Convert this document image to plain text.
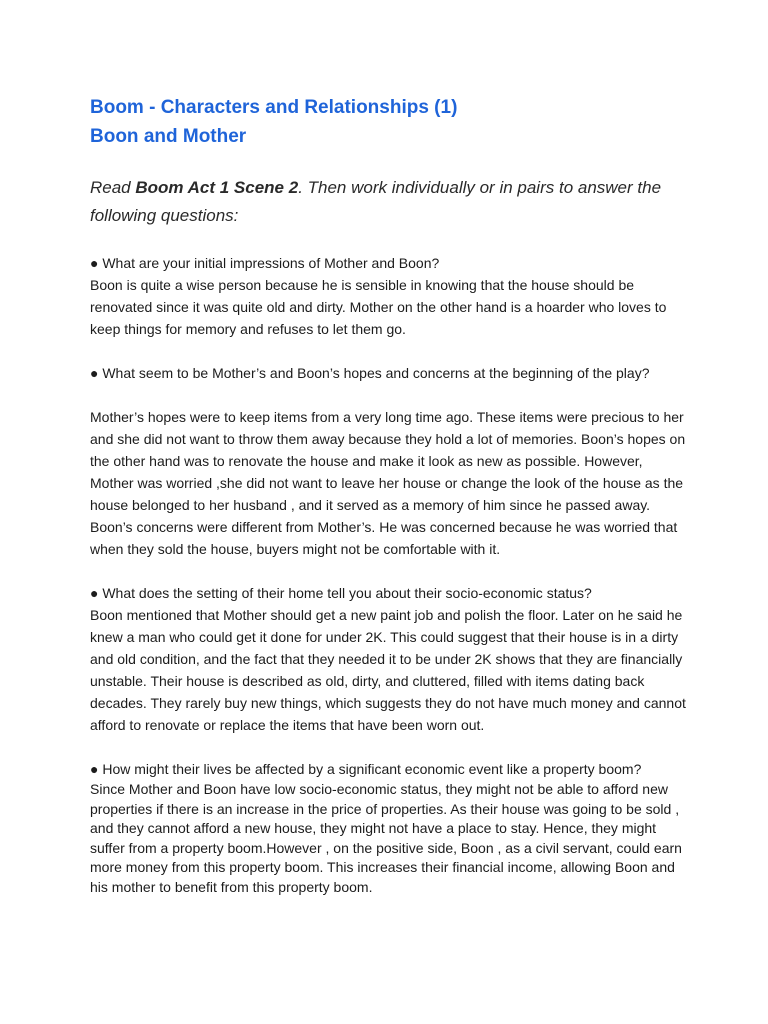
Boom - Characters and Relationships (1)

Boon and Mother

Read Boom Act 1 Scene 2. Then work individually or in pairs to answer the following questions:

● What are your initial impressions of Mother and Boon?

Boon is quite a wise person because he is sensible in knowing that the house should be renovated since it was quite old and dirty. Mother on the other hand is a hoarder who loves to keep things for memory and refuses to let them go.

● What seem to be Mother’s and Boon’s hopes and concerns at the beginning of the play?

Mother’s hopes were to keep items from a very long time ago. These items were precious to her and she did not want to throw them away because they hold a lot of memories. Boon’s hopes on the other hand was to renovate the house and make it look as new as possible. However, Mother was worried ,she did not want to leave her house or change the look of the house as the house belonged to her husband , and it served as a memory of him since he passed away. Boon’s concerns were different from Mother’s. He was concerned because he was worried that when they sold the house, buyers might not be comfortable with it.

● What does the setting of their home tell you about their socio-economic status?

Boon mentioned that Mother should get a new paint job and polish the floor. Later on he said he knew a man who could get it done for under 2K. This could suggest that their house is in a dirty and old condition, and the fact that they needed it to be under 2K shows that they are financially unstable. Their house is described as old, dirty, and cluttered, filled with items dating back decades. They rarely buy new things, which suggests they do not have much money and cannot afford to renovate or replace the items that have been worn out.

● How might their lives be affected by a significant economic event like a property boom?

Since Mother and Boon have low socio-economic status, they might not be able to afford new properties if there is an increase in the price of properties. As their house was going to be sold , and they cannot afford a new house, they might not have a place to stay. Hence, they might suffer from a property boom.However , on the positive side, Boon , as a civil servant, could earn more money from this property boom. This increases their financial income, allowing Boon and his mother to benefit from this property boom.
